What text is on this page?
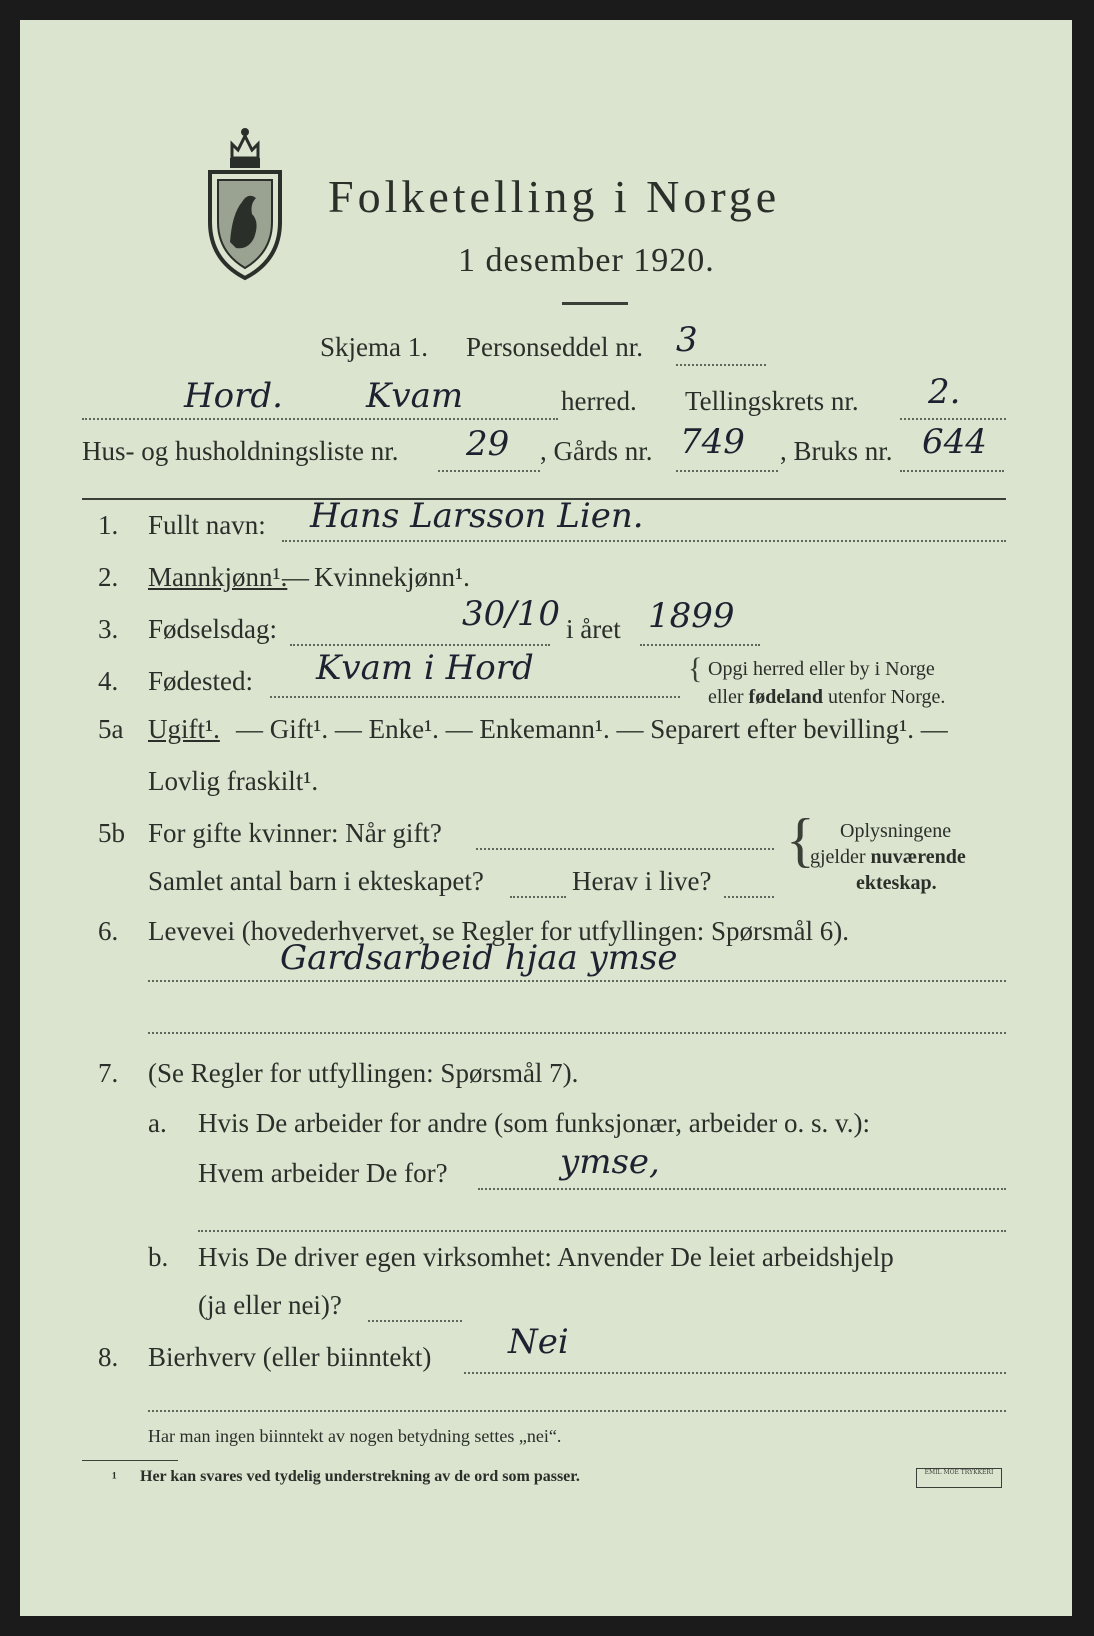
Folketelling i Norge
1 desember 1920.
Skjema 1. Personseddel nr. 3
Hord. Kvam	herred. Tellingskrets nr. 2.
Hus- og husholdningsliste nr. 29 , Gårds nr. 749 , Bruks nr. 644
1. Fullt navn: Hans Larsson Lien.
2. Mannkjønn¹.
— Kvinnekjønn¹.
3. Fødselsdag:	30/10 i året 1899
4. Fødested: Kvam i Hord	{ Opgi herred eller by i Norge
eller fødeland utenfor Norge.
5a Ugift¹. — Gift¹. — Enke¹. — Enkemann¹. — Separert efter bevilling¹. —
Lovlig fraskilt¹.
5b For gifte kvinner: Når gift?
Samlet antal barn i ekteskapet?	Herav i live?
{ Oplysningene
gjelder nuværende
ekteskap.
6. Levevei (hovederhvervet, se Regler for utfyllingen: Spørsmål 6).
Gardsarbeid hjaa ymse
7. (Se Regler for utfyllingen: Spørsmål 7).
a. Hvis De arbeider for andre (som funksjonær, arbeider o. s. v.):
Hvem arbeider De for?	ymse,
b. Hvis De driver egen virksomhet: Anvender De leiet arbeidshjelp
(ja eller nei)?
8. Bierhverv (eller biinntekt) Nei
Har man ingen biinntekt av nogen betydning settes „nei“.
¹ Her kan svares ved tydelig understrekning av de ord som passer.	EMIL MOE TRYKKERI
